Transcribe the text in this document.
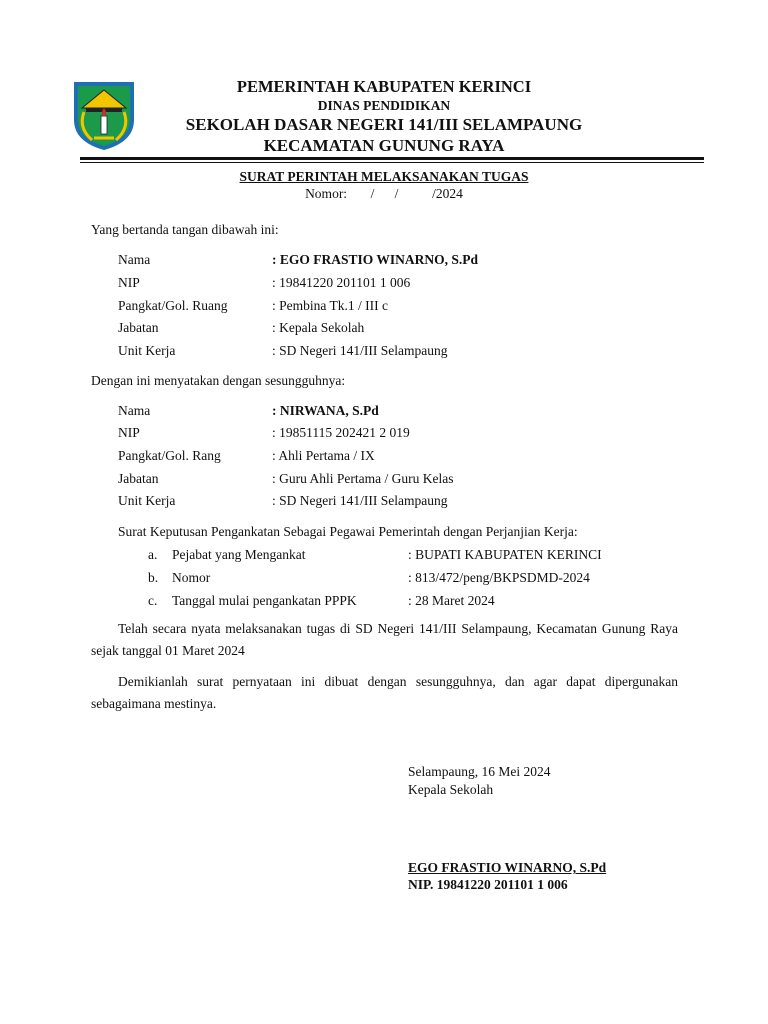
PEMERINTAH KABUPATEN KERINCI
DINAS PENDIDIKAN
SEKOLAH DASAR NEGERI 141/III SELAMPAUNG
KECAMATAN GUNUNG RAYA
SURAT PERINTAH MELAKSANAKAN TUGAS
Nomor:       /      /          /2024
Yang bertanda tangan dibawah ini:
Nama	: EGO FRASTIO WINARNO, S.Pd
NIP	: 19841220 201101 1 006
Pangkat/Gol. Ruang	: Pembina Tk.1 / III c
Jabatan	: Kepala Sekolah
Unit Kerja	: SD Negeri 141/III Selampaung
Dengan ini menyatakan dengan sesungguhnya:
Nama	: NIRWANA, S.Pd
NIP	: 19851115 202421 2 019
Pangkat/Gol. Rang	: Ahli Pertama / IX
Jabatan	: Guru Ahli Pertama / Guru Kelas
Unit Kerja	: SD Negeri 141/III Selampaung
Surat Keputusan Pengankatan Sebagai Pegawai Pemerintah dengan Perjanjian Kerja:
a. Pejabat yang Mengankat	: BUPATI KABUPATEN KERINCI
b. Nomor	: 813/472/peng/BKPSDMD-2024
c. Tanggal mulai pengankatan PPPK	: 28 Maret 2024

Telah secara nyata melaksanakan tugas di SD Negeri 141/III Selampaung, Kecamatan Gunung Raya sejak tanggal 01 Maret 2024

Demikianlah surat pernyataan ini dibuat dengan sesungguhnya, dan agar dapat dipergunakan sebagaimana mestinya.

Selampaung, 16 Mei 2024
Kepala Sekolah
EGO FRASTIO WINARNO, S.Pd
NIP. 19841220 201101 1 006
